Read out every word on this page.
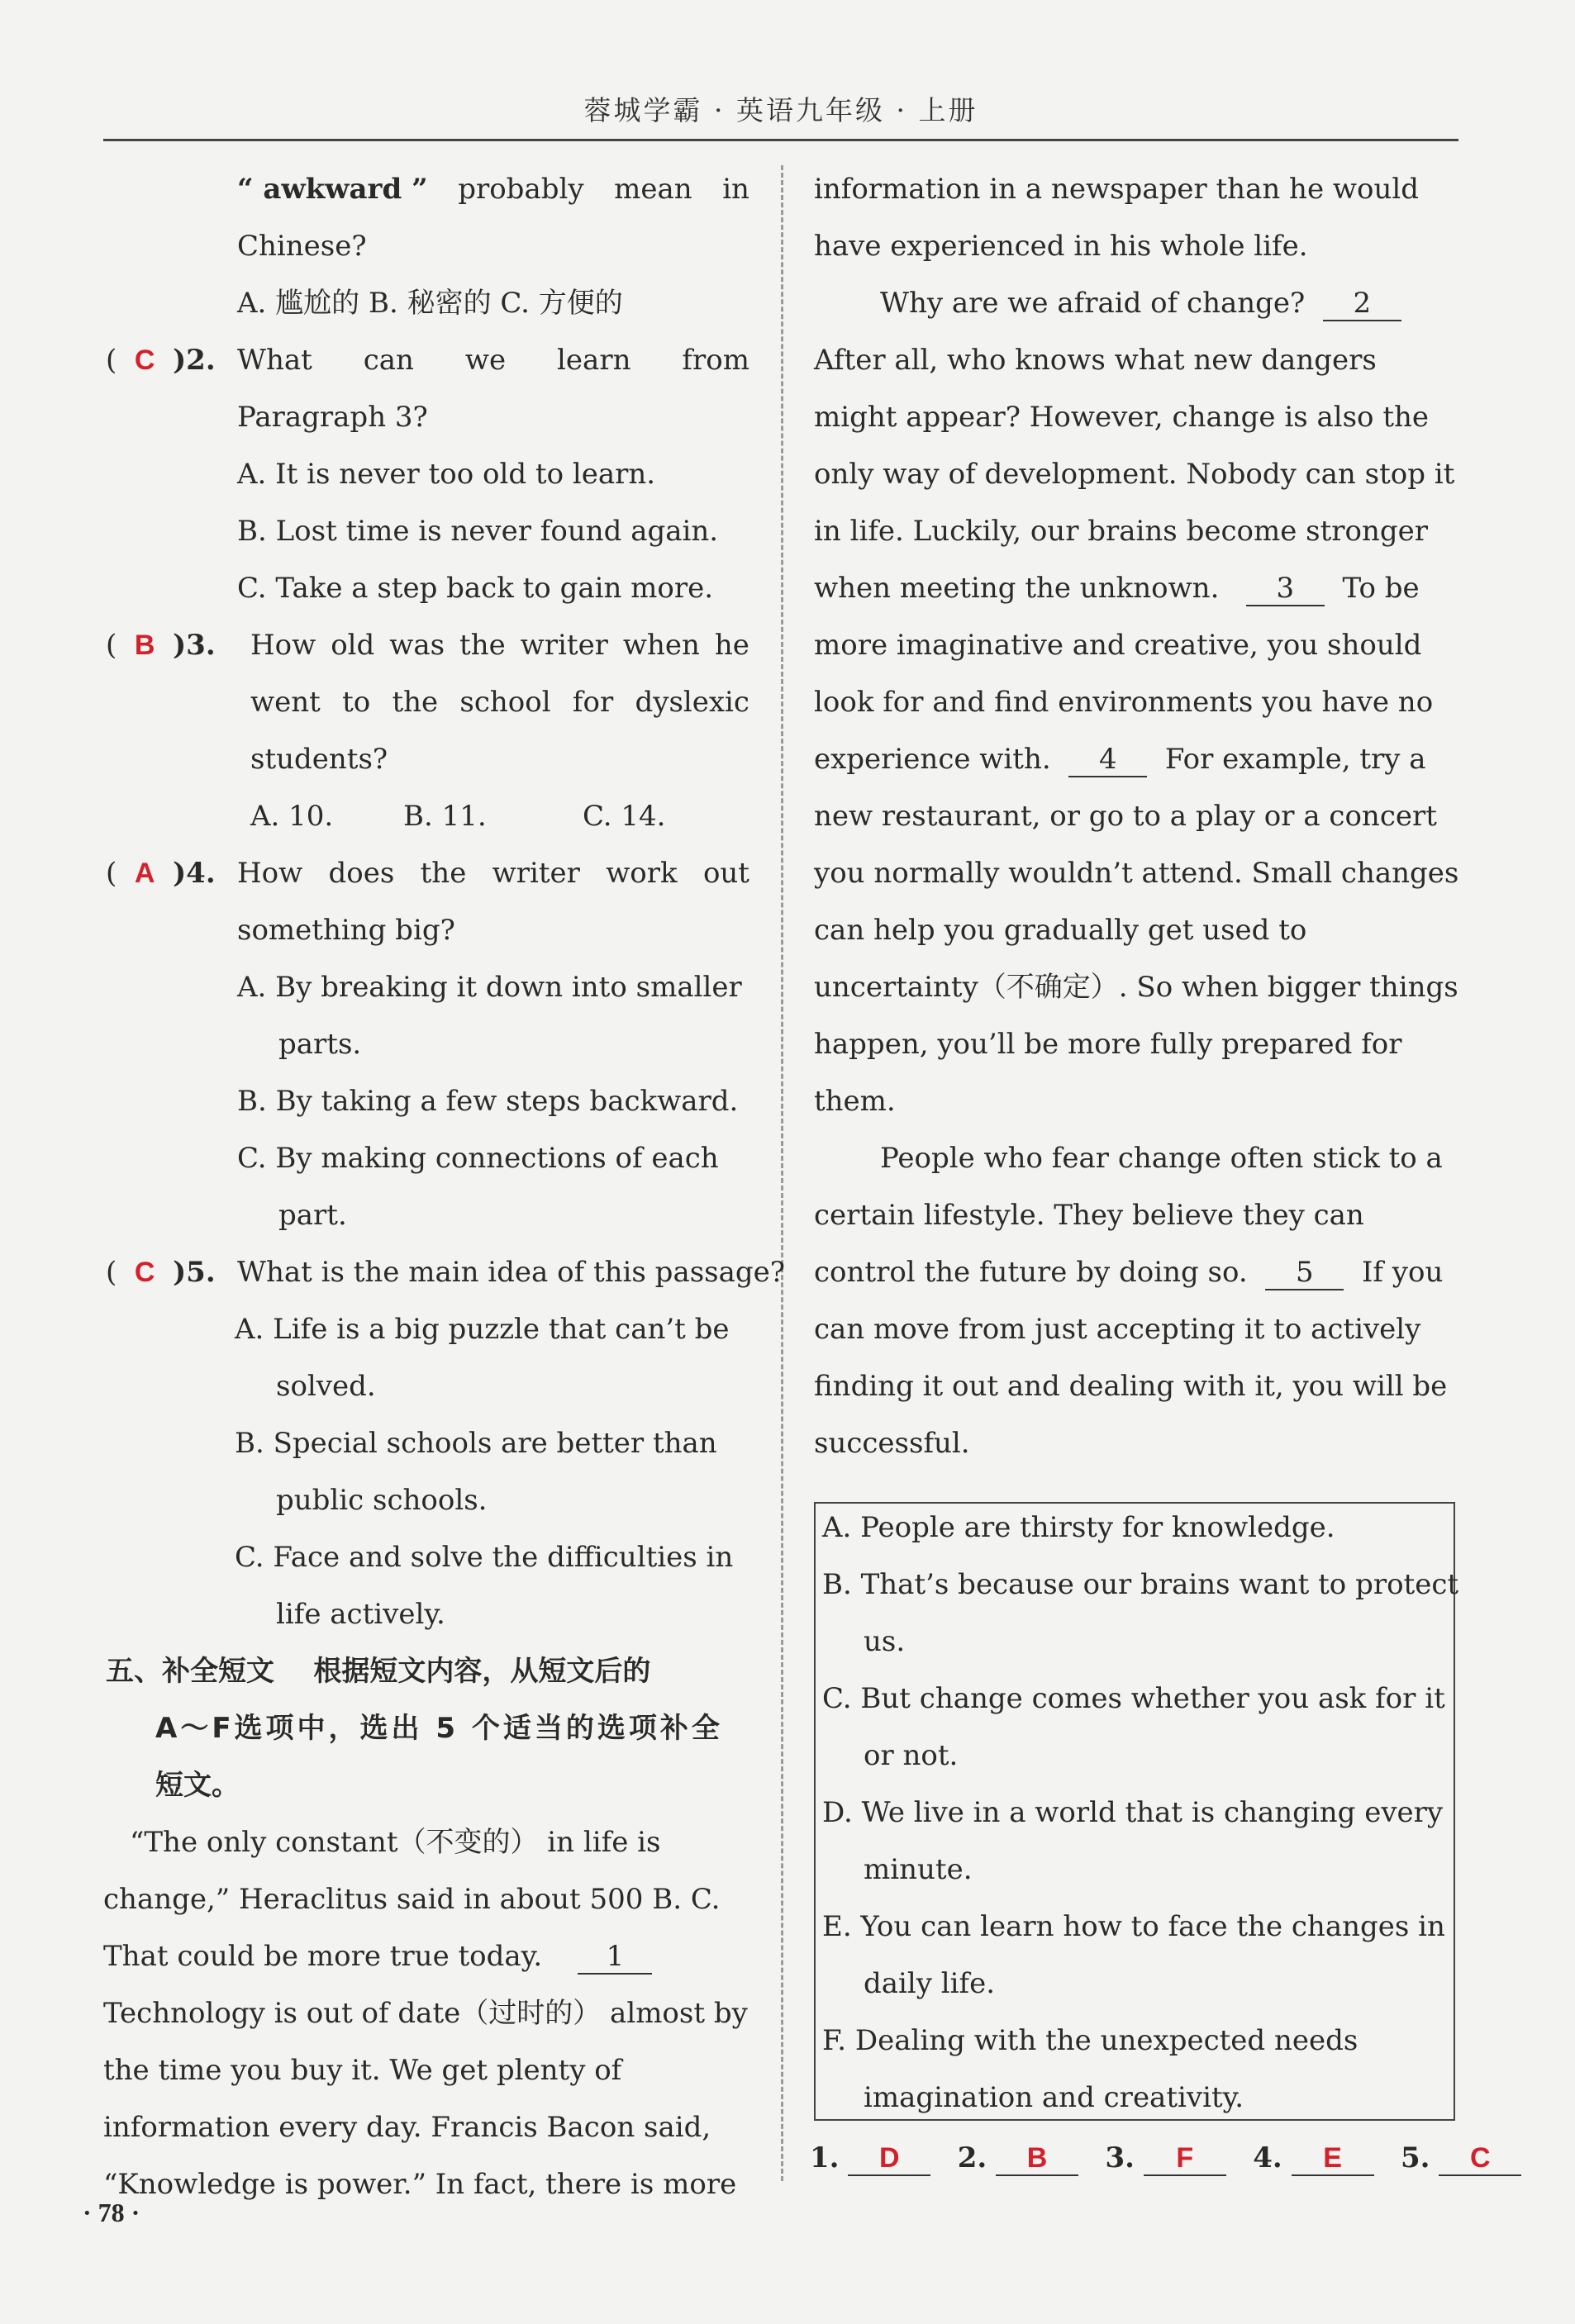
蓉城学霸 · 英语九年级 · 上册
“ awkward ” probably mean in
Chinese?
A. 尴尬的 B. 秘密的 C. 方便的
(  C )2. What can we learn from
Paragraph 3?
A. It is never too old to learn.
B. Lost time is never found again.
C. Take a step back to gain more.
(  B )3. How old was the writer when he
went to the school for dyslexic
students?
A. 10. B. 11.	C. 14.
(  A )4. How does the writer work out
something big?
A. By breaking it down into smaller
parts.
B. By taking a few steps backward.
C. By making connections of each
part.
(  C )5. What is the main idea of this passage?
A. Life is a big puzzle that can’t be
solved.
B. Special schools are better than
public schools.
C. Face and solve the difficulties in
life actively.
五、补全短文 根据短文内容，从短文后的
A～F选项中，选出 5 个适当的选项补全
短文。
“The only constant（不变的） in life is
change,” Heraclitus said in about 500 B. C.
That could be more true today. 1
Technology is out of date（过时的） almost by
the time you buy it. We get plenty of
information every day. Francis Bacon said,
“Knowledge is power.” In fact, there is more
information in a newspaper than he would
have experienced in his whole life.
Why are we afraid of change? 2
After all, who knows what new dangers
might appear? However, change is also the
only way of development. Nobody can stop it
in life. Luckily, our brains become stronger
when meeting the unknown. 3 To be
more imaginative and creative, you should
look for and find environments you have no
experience with. 4 For example, try a
new restaurant, or go to a play or a concert
you normally wouldn’t attend. Small changes
can help you gradually get used to
uncertainty（不确定）. So when bigger things
happen, you’ll be more fully prepared for
them.
People who fear change often stick to a
certain lifestyle. They believe they can
control the future by doing so. 5 If you
can move from just accepting it to actively
finding it out and dealing with it, you will be
successful.
A. People are thirsty for knowledge.
B. That’s because our brains want to protect
us.
C. But change comes whether you ask for it
or not.
D. We live in a world that is changing every
minute.
E. You can learn how to face the changes in
daily life.
F. Dealing with the unexpected needs
imagination and creativity.
1. D 2. B 3. F 4. E 5. C
· 78 ·
